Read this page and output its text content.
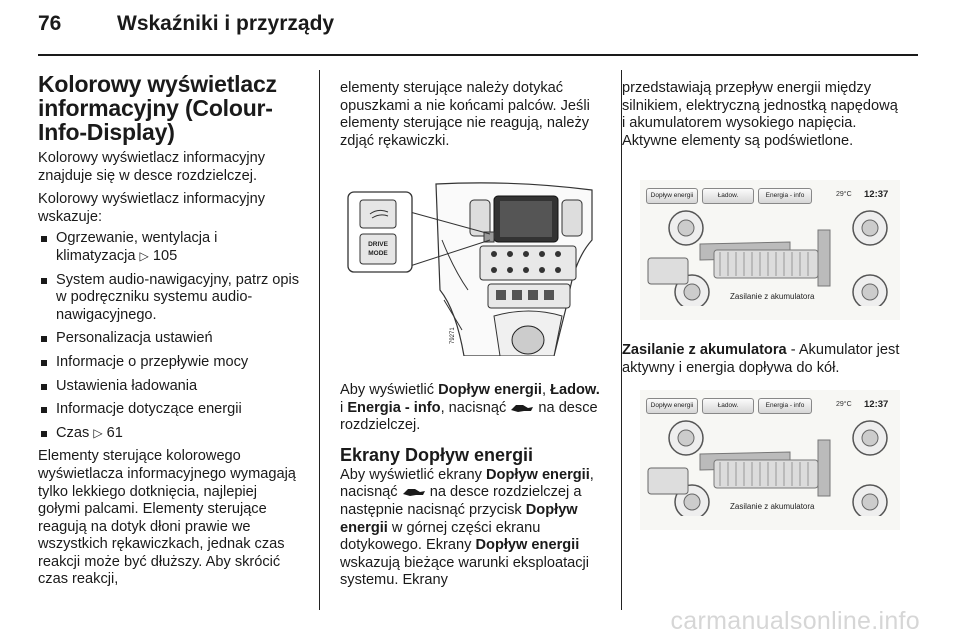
76	Wskaźniki i przyrządy
Kolorowy wyświetlacz informacyjny (Colour-Info-Display)

Kolorowy wyświetlacz informacyjny znajduje się w desce rozdzielczej.

Kolorowy wyświetlacz informacyjny wskazuje:

Ogrzewanie, wentylacja i klimatyzacja ▷ 105
System audio-nawigacyjny, patrz opis w podręczniku systemu audio-nawigacyjnego.
Personalizacja ustawień
Informacje o przepływie mocy
Ustawienia ładowania
Informacje dotyczące energii
Czas ▷ 61

Elementy sterujące kolorowego wyświetlacza informacyjnego wymagają tylko lekkiego dotknięcia, najlepiej gołymi palcami. Elementy sterujące reagują na dotyk dłoni prawie we wszystkich rękawiczkach, jednak czas reakcji może być dłuższy. Aby skrócić czas reakcji,

elementy sterujące należy dotykać opuszkami a nie końcami palców. Jeśli elementy sterujące nie reagują, należy zdjąć rękawiczki.

DRIVE
MODE
79271

Aby wyświetlić Dopływ energii, Ładow. i Energia - info, nacisnąć na desce rozdzielczej.

Ekrany Dopływ energii

Aby wyświetlić ekrany Dopływ energii, nacisnąć na desce rozdzielczej a następnie nacisnąć przycisk Dopływ energii w górnej części ekranu dotykowego. Ekrany Dopływ energii wskazują bieżące warunki eksploatacji systemu. Ekrany

przedstawiają przepływ energii między silnikiem, elektryczną jednostką napędową i akumulatorem wysokiego napięcia. Aktywne elementy są podświetlone.

Dopływ energii	Ładow.	Energia - info	29°C 12:37
Zasilanie z akumulatora

Zasilanie z akumulatora - Akumulator jest aktywny i energia dopływa do kół.

Dopływ energii	Ładow.	Energia - info	29°C 12:37
Zasilanie z akumulatora
carmanualsonline.info
